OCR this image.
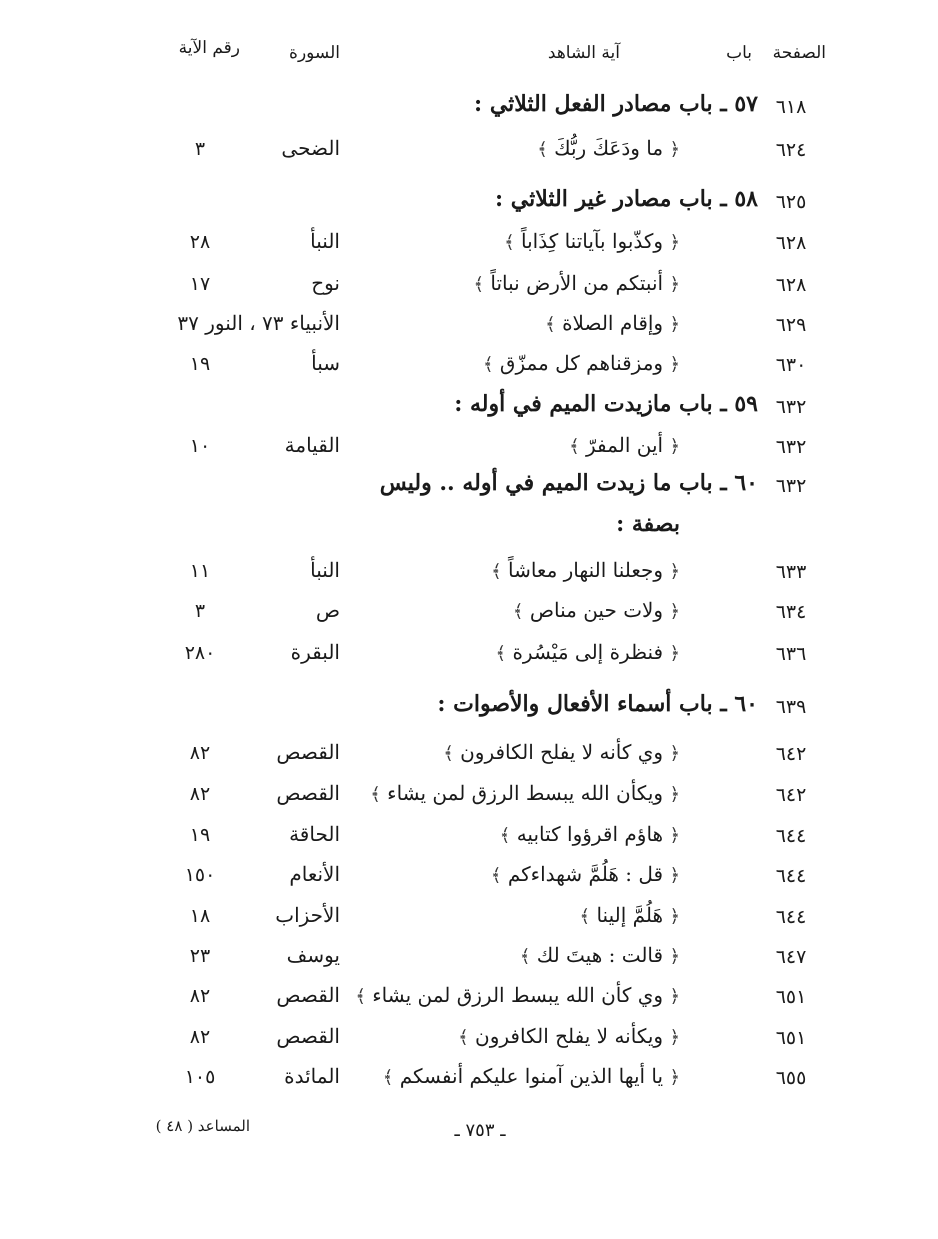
الصفحة
باب
آية الشاهد
السورة
رقم الآية
٦١٨
٥٧ ـ باب مصادر الفعل الثلاثي :
٦٢٤
﴿ ما ودَعَكَ ربُّكَ ﴾
الضحى
٣
٦٢٥
٥٨ ـ باب مصادر غير الثلاثي :
٦٢٨
﴿ وكذّبوا بآياتنا كِذَاباً ﴾
النبأ
٢٨
٦٢٨
﴿ أنبتكم من الأرض نباتاً ﴾
نوح
١٧
٦٢٩
﴿ وإقام الصلاة ﴾
الأنبياء ٧٣ ، النور ٣٧
٦٣٠
﴿ ومزقناهم كل ممزّق ﴾
سبأ
١٩
٦٣٢
٥٩ ـ باب مازيدت الميم في أوله :
٦٣٢
﴿ أين المفرّ ﴾
القيامة
١٠
٦٣٢
٦٠ ـ باب ما زيدت الميم في أوله .. وليس
بصفة :
٦٣٣
﴿ وجعلنا النهار معاشاً ﴾
النبأ
١١
٦٣٤
﴿ ولات حين مناص ﴾
ص
٣
٦٣٦
﴿ فنظرة إلى مَيْسُرة ﴾
البقرة
٢٨٠
٦٣٩
٦٠ ـ باب أسماء الأفعال والأصوات :
٦٤٢
﴿ وي كأنه لا يفلح الكافرون ﴾
القصص
٨٢
٦٤٢
﴿ ويكأن الله يبسط الرزق لمن يشاء ﴾
القصص
٨٢
٦٤٤
﴿ هاؤم اقرؤوا كتابيه ﴾
الحاقة
١٩
٦٤٤
﴿ قل : هَلُمَّ شهداءكم ﴾
الأنعام
١٥٠
٦٤٤
﴿ هَلُمَّ إلينا ﴾
الأحزاب
١٨
٦٤٧
﴿ قالت : هيتَ لك ﴾
يوسف
٢٣
٦٥١
﴿ وي كأن الله يبسط الرزق لمن يشاء ﴾
القصص
٨٢
٦٥١
﴿ ويكأنه لا يفلح الكافرون ﴾
القصص
٨٢
٦٥٥
﴿ يا أيها الذين آمنوا عليكم أنفسكم ﴾
المائدة
١٠٥
ـ ٧٥٣ ـ
المساعد ( ٤٨ )
